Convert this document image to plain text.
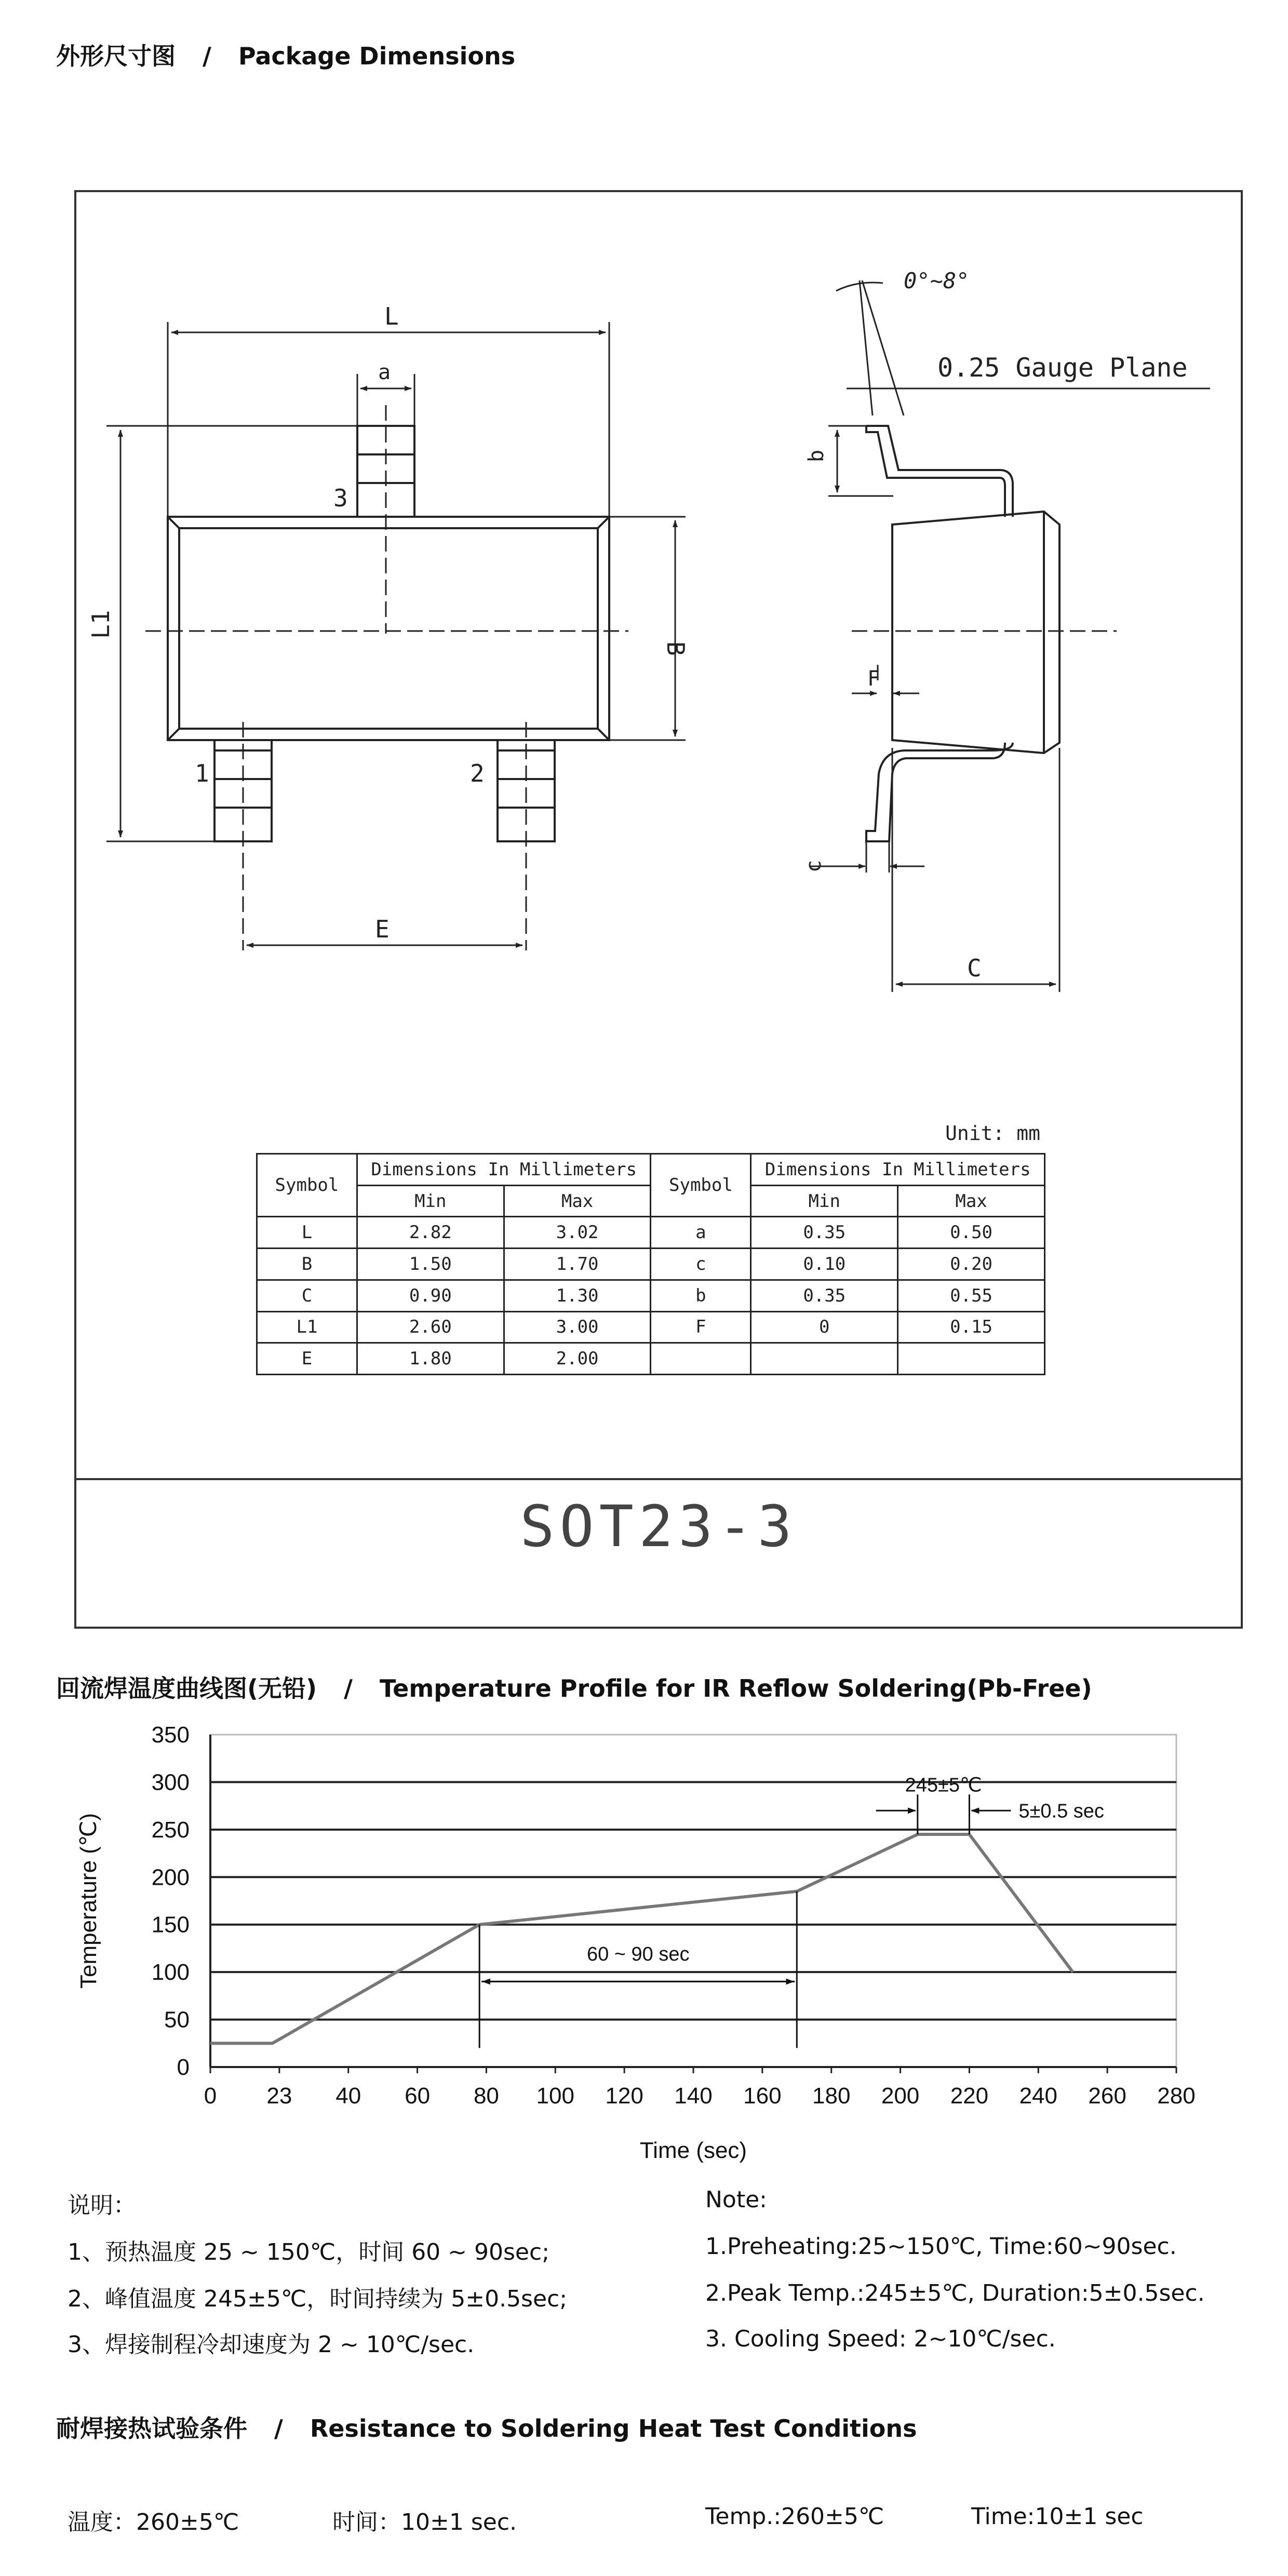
外形尺寸图 / Package Dimensions
L
a
3
L1
B
1	2
E
0°~8°
0.25 Gauge Plane
b
F
c
C
Unit: mm
Symbol	Dimensions In Millimeters		Symbol	Dimensions In Millimeters	
	Min	Max		Min	Max
L	2.82	3.02	a	0.35	0.50
B	1.50	1.70	c	0.10	0.20
C	0.90	1.30	b	0.35	0.55
L1	2.60	3.00	F	0	0.15
E	1.80	2.00			
SOT23-3
回流焊温度曲线图(无铅) / Temperature Profile for IR Reflow Soldering(Pb-Free)
0
50
100
150
200
250
300
350
0 23 40 60 80 100 120 140 160 180 200 220 240 260 280
Time (sec)
Temperature (℃)	60 ~ 90 sec
245±5℃
5±0.5 sec
说明：
1、预热温度 25 ~ 150℃，时间 60 ~ 90sec;
2、峰值温度 245±5℃，时间持续为 5±0.5sec;
3、焊接制程冷却速度为 2 ~ 10℃/sec.
Note:
1.Preheating:25~150℃, Time:60~90sec.
2.Peak Temp.:245±5℃, Duration:5±0.5sec.
3. Cooling Speed: 2~10℃/sec.
耐焊接热试验条件 / Resistance to Soldering Heat Test Conditions
温度：260±5℃	时间：10±1 sec.	Temp.:260±5℃	Time:10±1 sec
